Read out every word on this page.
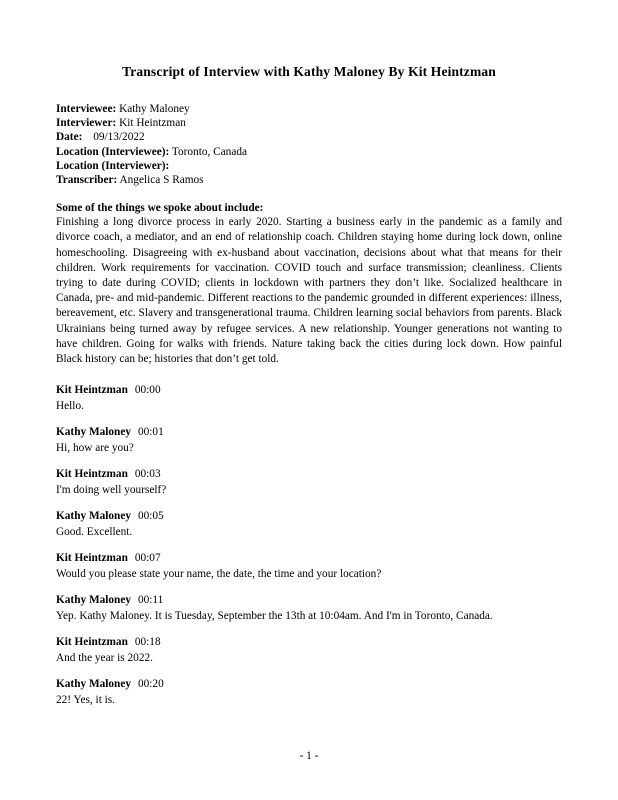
Transcript of Interview with Kathy Maloney By Kit Heintzman
Interviewee: Kathy Maloney
Interviewer: Kit Heintzman
Date: 09/13/2022
Location (Interviewee): Toronto, Canada
Location (Interviewer):
Transcriber: Angelica S Ramos
Some of the things we spoke about include:
Finishing a long divorce process in early 2020. Starting a business early in the pandemic as a family and divorce coach, a mediator, and an end of relationship coach. Children staying home during lock down, online homeschooling. Disagreeing with ex-husband about vaccination, decisions about what that means for their children. Work requirements for vaccination. COVID touch and surface transmission; cleanliness. Clients trying to date during COVID; clients in lockdown with partners they don’t like. Socialized healthcare in Canada, pre- and mid-pandemic. Different reactions to the pandemic grounded in different experiences: illness, bereavement, etc. Slavery and transgenerational trauma. Children learning social behaviors from parents. Black Ukrainians being turned away by refugee services. A new relationship. Younger generations not wanting to have children. Going for walks with friends. Nature taking back the cities during lock down. How painful Black history can be; histories that don’t get told.
Kit Heintzman 00:00
Hello.
Kathy Maloney 00:01
Hi, how are you?
Kit Heintzman 00:03
I'm doing well yourself?
Kathy Maloney 00:05
Good. Excellent.
Kit Heintzman 00:07
Would you please state your name, the date, the time and your location?
Kathy Maloney 00:11
Yep. Kathy Maloney. It is Tuesday, September the 13th at 10:04am. And I'm in Toronto, Canada.
Kit Heintzman 00:18
And the year is 2022.
Kathy Maloney 00:20
22! Yes, it is.
- 1 -
